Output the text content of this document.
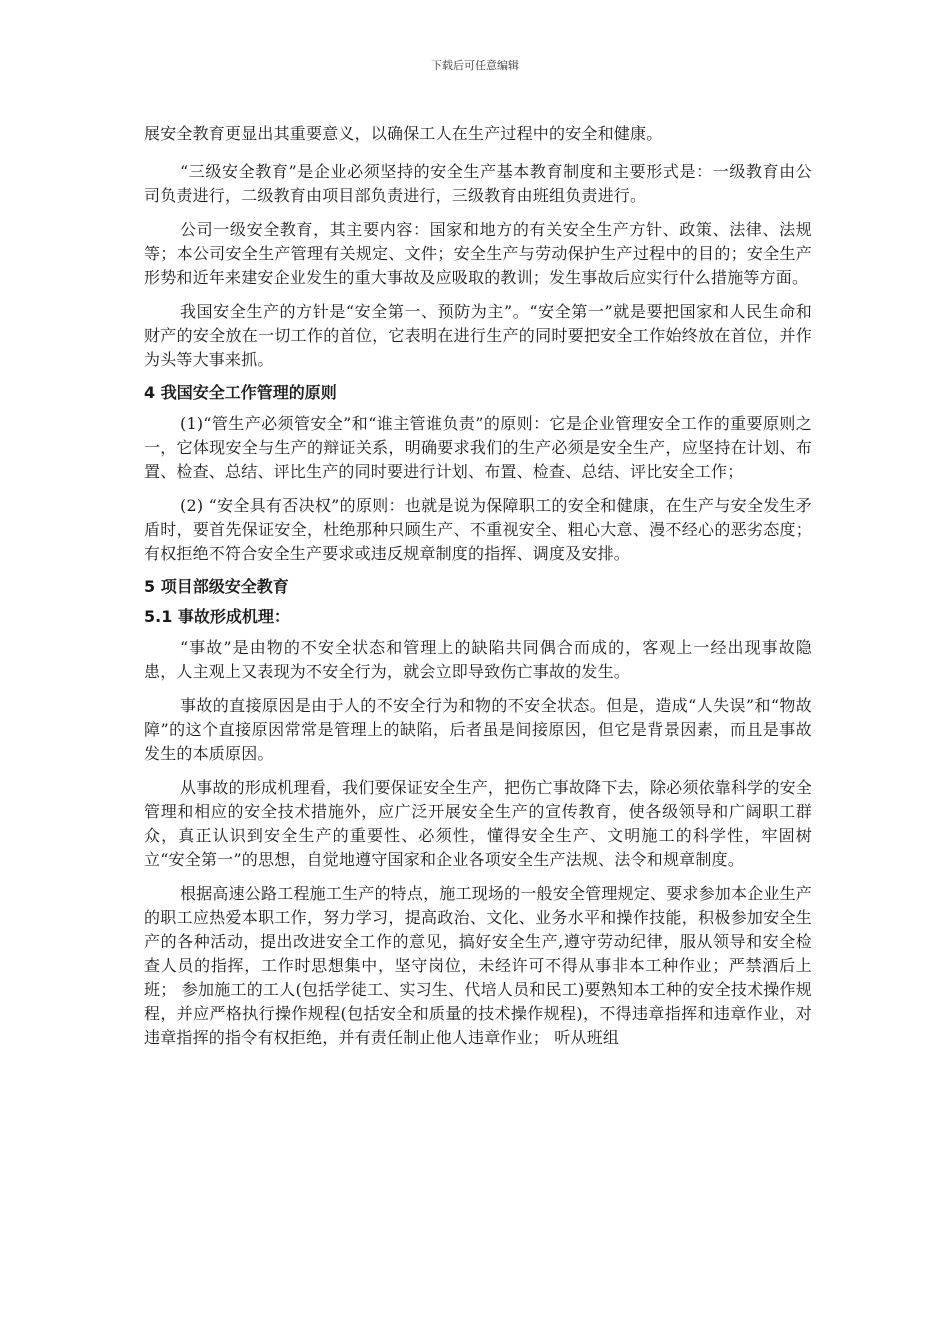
下载后可任意编辑

展安全教育更显出其重要意义，以确保工人在生产过程中的安全和健康。

“三级安全教育”是企业必须坚持的安全生产基本教育制度和主要形式是：一级教育由公司负责进行，二级教育由项目部负责进行，三级教育由班组负责进行。

公司一级安全教育，其主要内容：国家和地方的有关安全生产方针、政策、法律、法规等；本公司安全生产管理有关规定、文件；安全生产与劳动保护生产过程中的目的；安全生产形势和近年来建安企业发生的重大事故及应吸取的教训；发生事故后应实行什么措施等方面。

我国安全生产的方针是“安全第一、预防为主”。“安全第一”就是要把国家和人民生命和财产的安全放在一切工作的首位，它表明在进行生产的同时要把安全工作始终放在首位，并作为头等大事来抓。

4 我国安全工作管理的原则

(1)“管生产必须管安全”和“谁主管谁负责”的原则：它是企业管理安全工作的重要原则之一，它体现安全与生产的辩证关系，明确要求我们的生产必须是安全生产，应坚持在计划、布置、检查、总结、评比生产的同时要进行计划、布置、检查、总结、评比安全工作；

(2) “安全具有否决权”的原则：也就是说为保障职工的安全和健康，在生产与安全发生矛盾时，要首先保证安全，杜绝那种只顾生产、不重视安全、粗心大意、漫不经心的恶劣态度；有权拒绝不符合安全生产要求或违反规章制度的指挥、调度及安排。

5 项目部级安全教育
5.1 事故形成机理：

“事故”是由物的不安全状态和管理上的缺陷共同偶合而成的，客观上一经出现事故隐患，人主观上又表现为不安全行为，就会立即导致伤亡事故的发生。

事故的直接原因是由于人的不安全行为和物的不安全状态。但是，造成“人失误”和“物故障”的这个直接原因常常是管理上的缺陷，后者虽是间接原因，但它是背景因素，而且是事故发生的本质原因。

从事故的形成机理看，我们要保证安全生产，把伤亡事故降下去，除必须依靠科学的安全管理和相应的安全技术措施外，应广泛开展安全生产的宣传教育，使各级领导和广阔职工群众，真正认识到安全生产的重要性、必须性，懂得安全生产、文明施工的科学性，牢固树立“安全第一”的思想，自觉地遵守国家和企业各项安全生产法规、法令和规章制度。

根据高速公路工程施工生产的特点，施工现场的一般安全管理规定、要求参加本企业生产的职工应热爱本职工作，努力学习，提高政治、文化、业务水平和操作技能，积极参加安全生产的各种活动，提出改进安全工作的意见，搞好安全生产,遵守劳动纪律，服从领导和安全检查人员的指挥，工作时思想集中，坚守岗位，未经许可不得从事非本工种作业；严禁酒后上班； 参加施工的工人(包括学徒工、实习生、代培人员和民工)要熟知本工种的安全技术操作规程，并应严格执行操作规程(包括安全和质量的技术操作规程)，不得违章指挥和违章作业，对违章指挥的指令有权拒绝，并有责任制止他人违章作业； 听从班组
